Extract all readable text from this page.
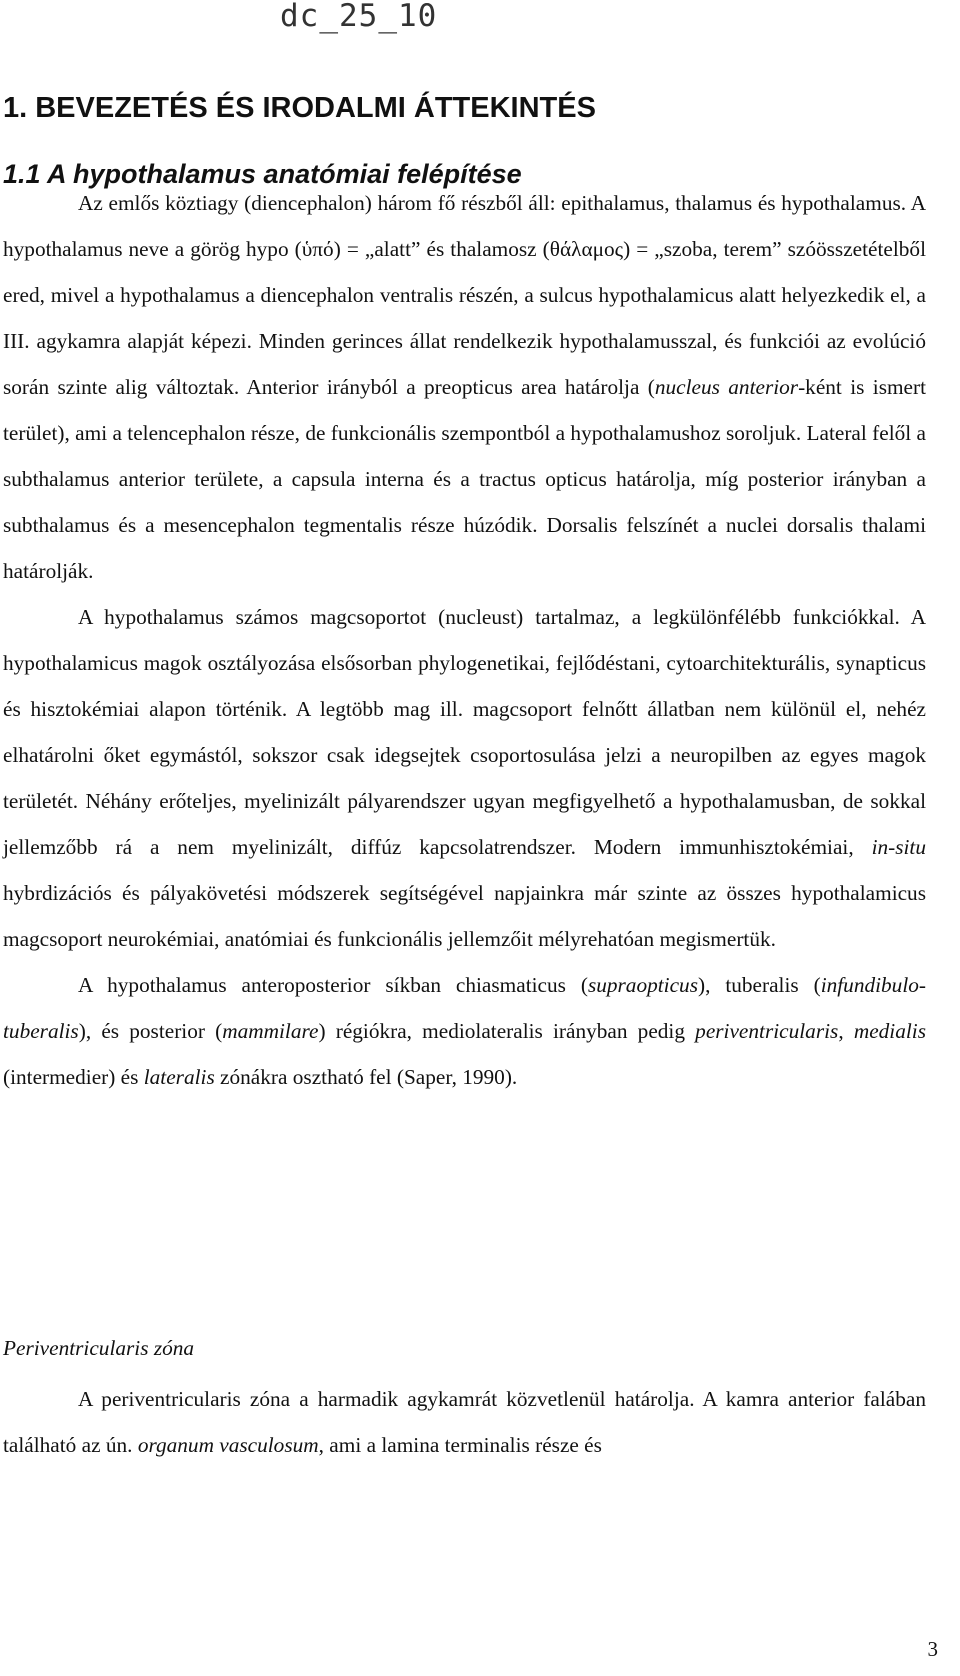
dc_25_10
1. BEVEZETÉS ÉS IRODALMI ÁTTEKINTÉS
1.1 A hypothalamus anatómiai felépítése

Az emlős köztiagy (diencephalon) három fő részből áll: epithalamus, thalamus és hypothalamus. A hypothalamus neve a görög hypo (ὑπό) = „alatt” és thalamosz (θάλαμος) = „szoba, terem” szóösszetételből ered, mivel a hypothalamus a diencephalon ventralis részén, a sulcus hypothalamicus alatt helyezkedik el, a III. agykamra alapját képezi. Minden gerinces állat rendelkezik hypothalamusszal, és funkciói az evolúció során szinte alig változtak. Anterior irányból a preopticus area határolja (nucleus anterior-ként is ismert terület), ami a telencephalon része, de funkcionális szempontból a hypothalamushoz soroljuk. Lateral felől a subthalamus anterior területe, a capsula interna és a tractus opticus határolja, míg posterior irányban a subthalamus és a mesencephalon tegmentalis része húzódik. Dorsalis felszínét a nuclei dorsalis thalami határolják.

A hypothalamus számos magcsoportot (nucleust) tartalmaz, a legkülönfélébb funkciókkal. A hypothalamicus magok osztályozása elsősorban phylogenetikai, fejlődéstani, cytoarchitekturális, synapticus és hisztokémiai alapon történik. A legtöbb mag ill. magcsoport felnőtt állatban nem különül el, nehéz elhatárolni őket egymástól, sokszor csak idegsejtek csoportosulása jelzi a neuropilben az egyes magok területét. Néhány erőteljes, myelinizált pályarendszer ugyan megfigyelhető a hypothalamusban, de sokkal jellemzőbb rá a nem myelinizált, diffúz kapcsolatrendszer. Modern immunhisztokémiai, in-situ hybrdizációs és pályakövetési módszerek segítségével napjainkra már szinte az összes hypothalamicus magcsoport neurokémiai, anatómiai és funkcionális jellemzőit mélyrehatóan megismertük.

A hypothalamus anteroposterior síkban chiasmaticus (supraopticus), tuberalis (infundibulo-tuberalis), és posterior (mammilare) régiókra, mediolateralis irányban pedig periventricularis, medialis (intermedier) és lateralis zónákra osztható fel (Saper, 1990).

Periventricularis zóna

A periventricularis zóna a harmadik agykamrát közvetlenül határolja. A kamra anterior falában található az ún. organum vasculosum, ami a lamina terminalis része és

3
